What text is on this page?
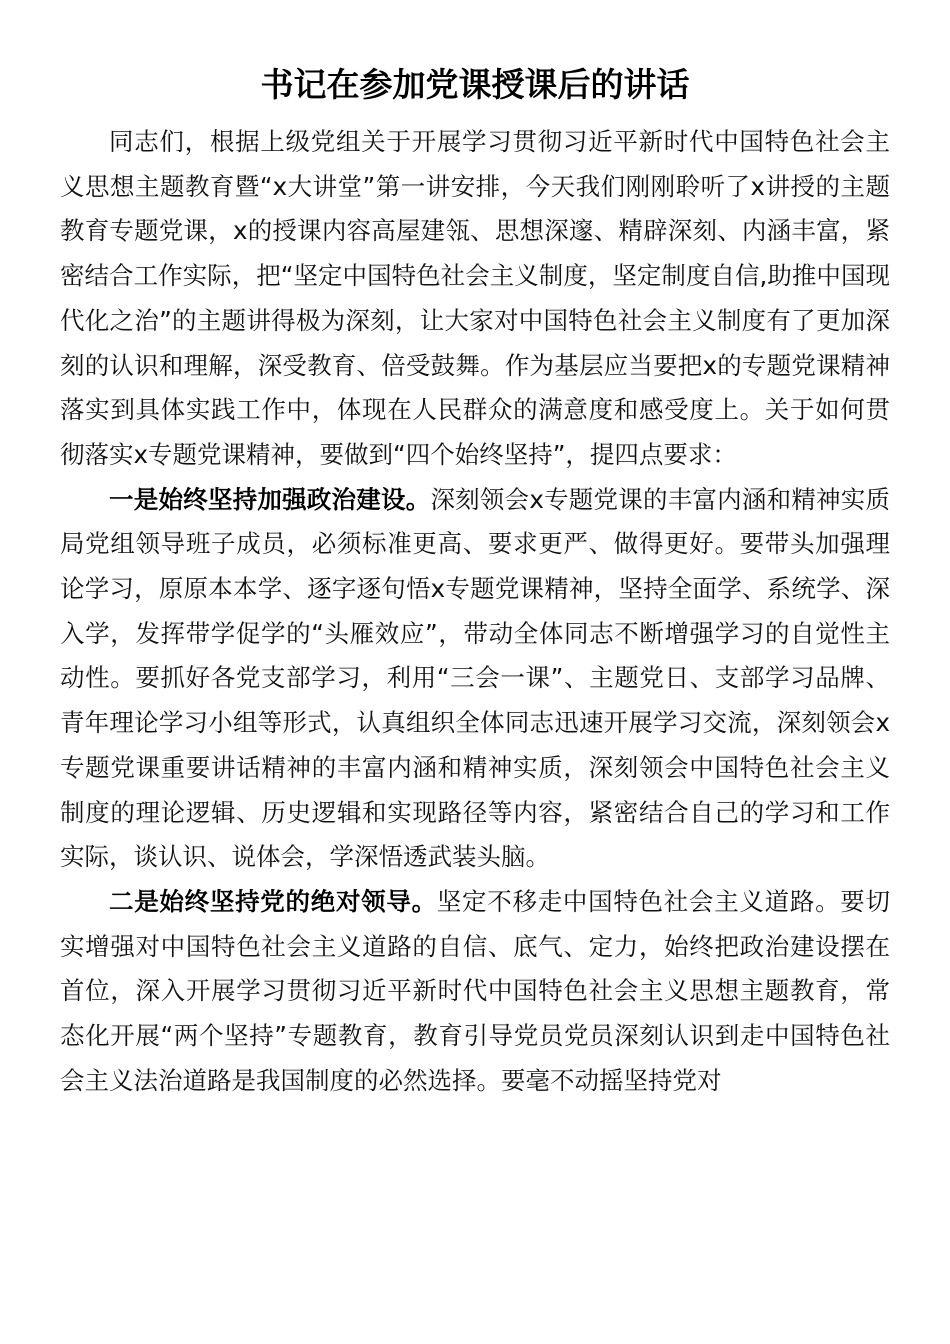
书记在参加党课授课后的讲话

同志们，根据上级党组关于开展学习贯彻习近平新时代中国特色社会主义思想主题教育暨“x大讲堂”第一讲安排，今天我们刚刚聆听了x讲授的主题教育专题党课，x的授课内容高屋建瓴、思想深邃、精辟深刻、内涵丰富，紧密结合工作实际，把“坚定中国特色社会主义制度，坚定制度自信,助推中国现代化之治”的主题讲得极为深刻，让大家对中国特色社会主义制度有了更加深刻的认识和理解，深受教育、倍受鼓舞。作为基层应当要把x的专题党课精神落实到具体实践工作中，体现在人民群众的满意度和感受度上。关于如何贯彻落实x专题党课精神，要做到“四个始终坚持”，提四点要求：

一是始终坚持加强政治建设。深刻领会x专题党课的丰富内涵和精神实质局党组领导班子成员，必须标准更高、要求更严、做得更好。要带头加强理论学习，原原本本学、逐字逐句悟x专题党课精神，坚持全面学、系统学、深入学，发挥带学促学的“头雁效应”，带动全体同志不断增强学习的自觉性主动性。要抓好各党支部学习，利用“三会一课”、主题党日、支部学习品牌、青年理论学习小组等形式，认真组织全体同志迅速开展学习交流，深刻领会x专题党课重要讲话精神的丰富内涵和精神实质，深刻领会中国特色社会主义制度的理论逻辑、历史逻辑和实现路径等内容，紧密结合自己的学习和工作实际，谈认识、说体会，学深悟透武装头脑。

二是始终坚持党的绝对领导。坚定不移走中国特色社会主义道路。要切实增强对中国特色社会主义道路的自信、底气、定力，始终把政治建设摆在首位，深入开展学习贯彻习近平新时代中国特色社会主义思想主题教育，常态化开展“两个坚持”专题教育，教育引导党员党员深刻认识到走中国特色社会主义法治道路是我国制度的必然选择。要毫不动摇坚持党对
